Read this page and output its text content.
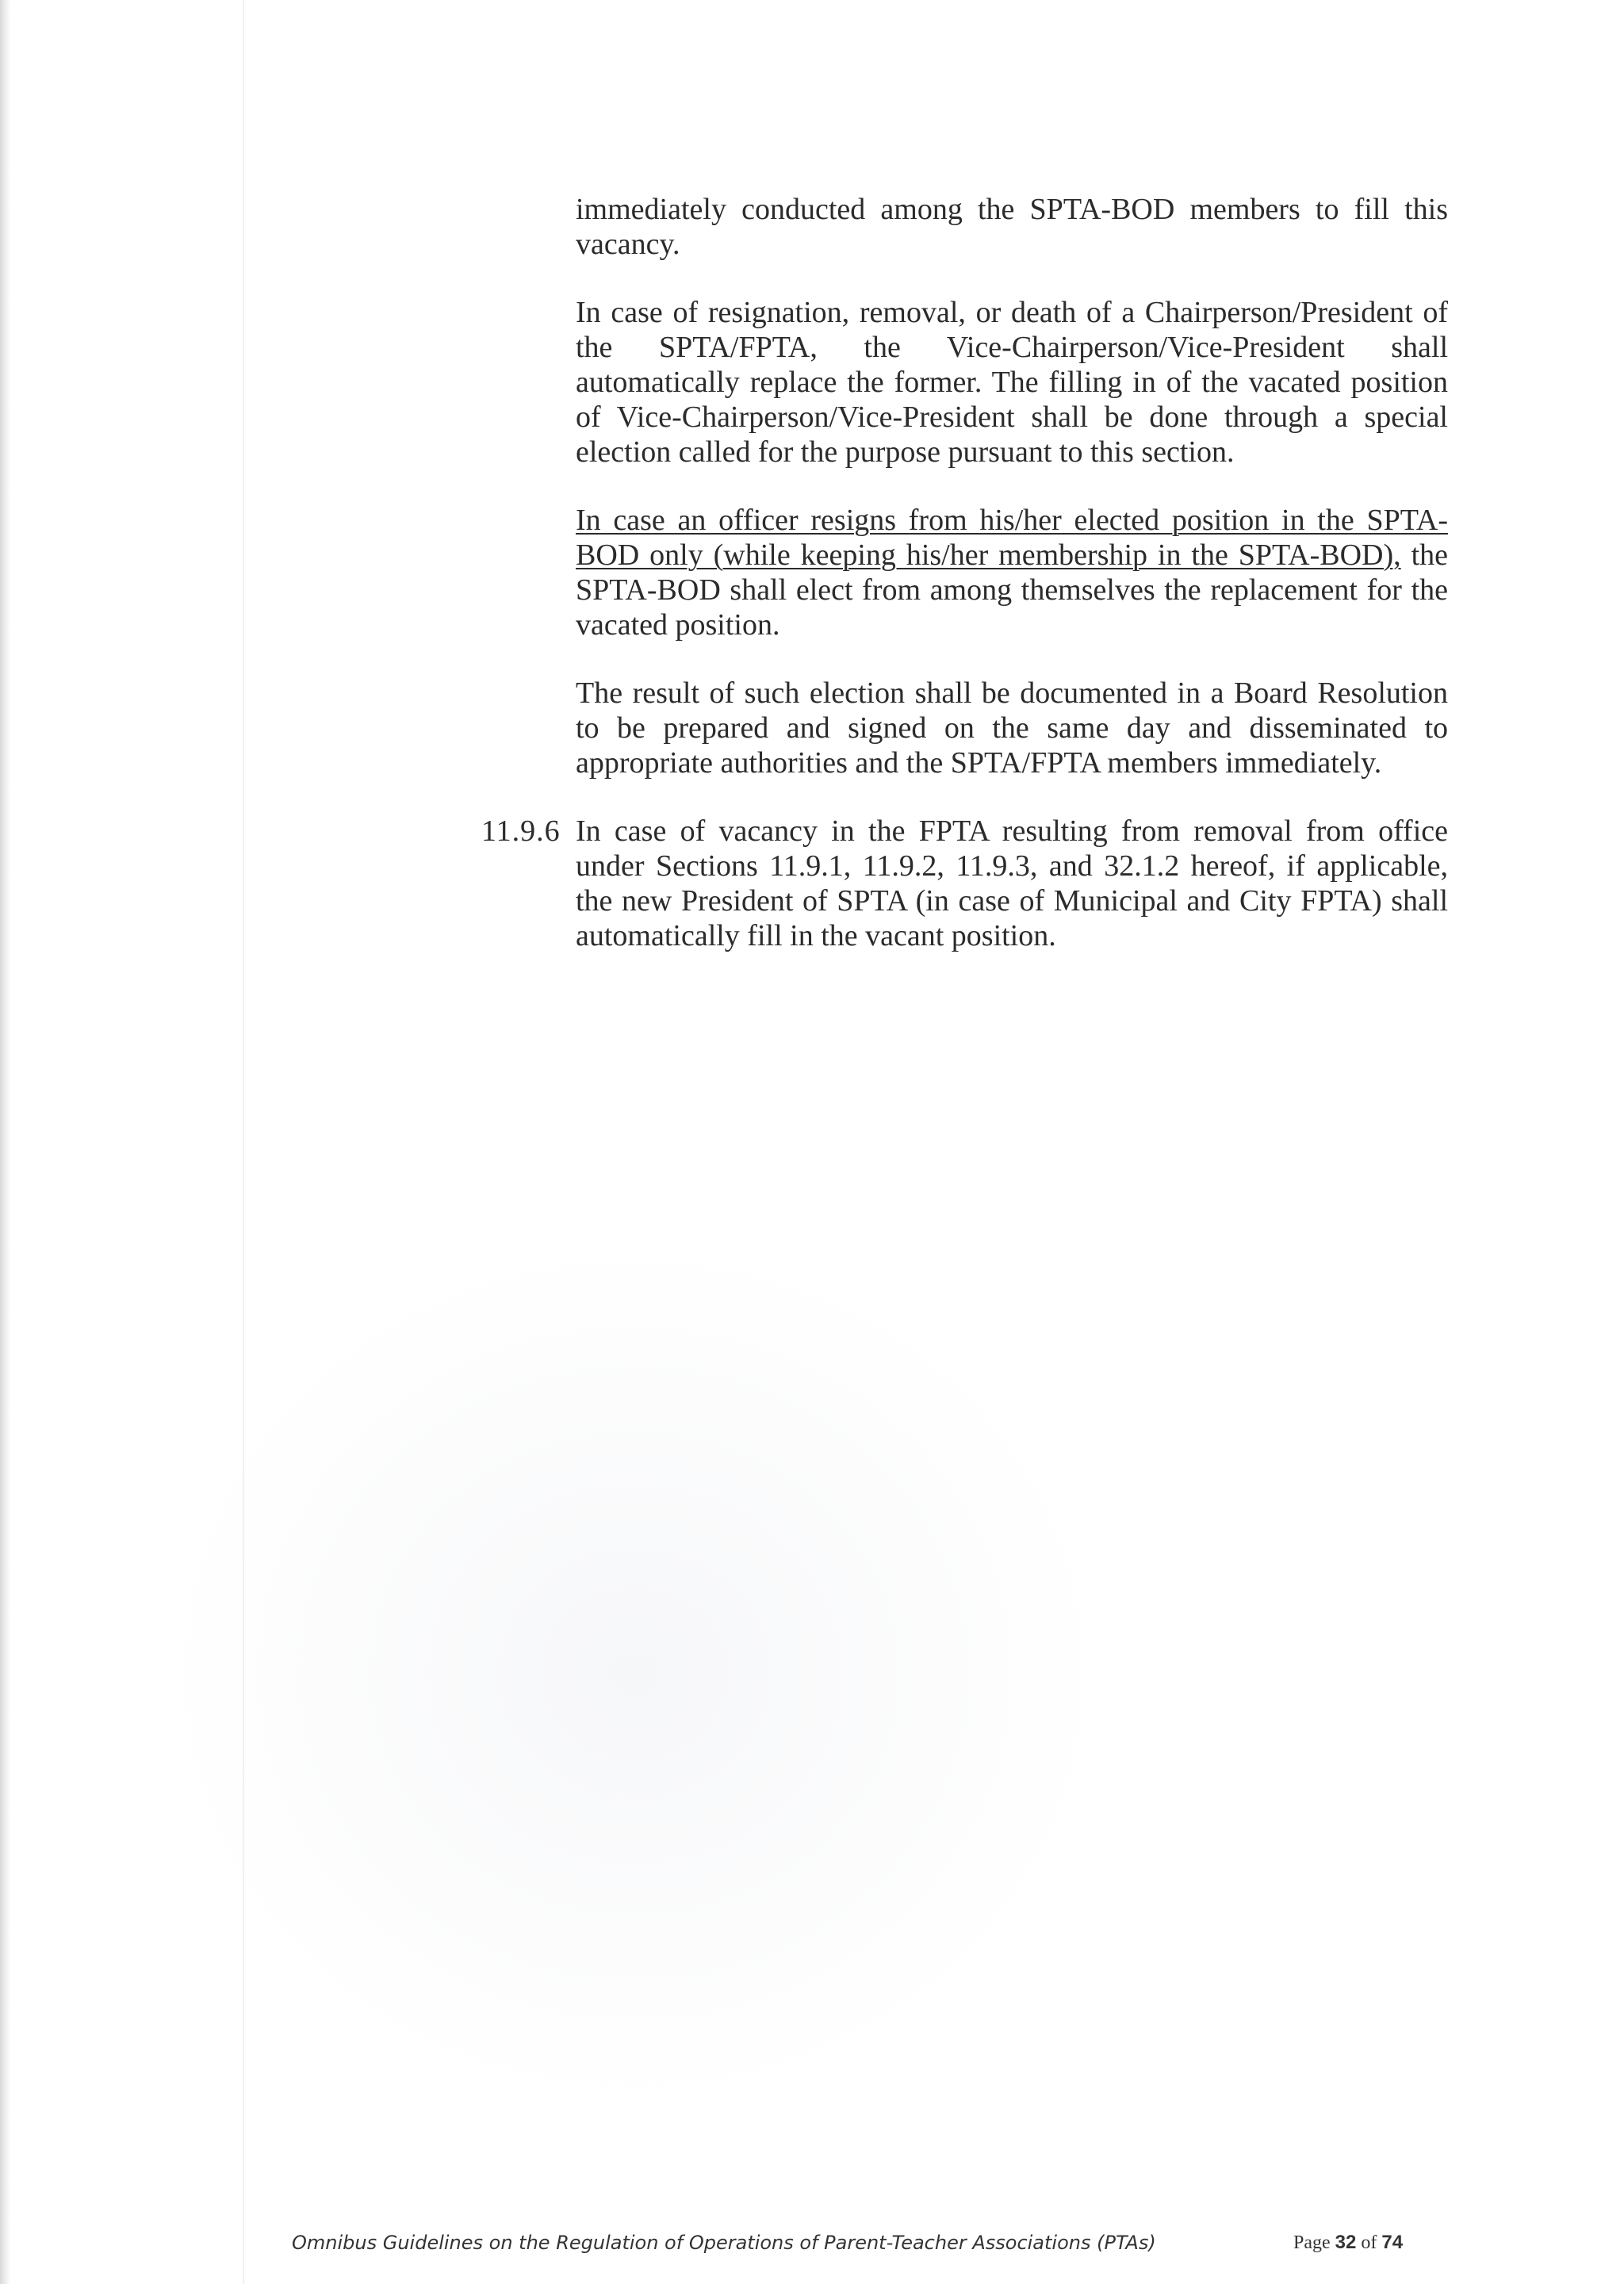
immediately conducted among the SPTA-BOD members to fill this vacancy.

In case of resignation, removal, or death of a Chairperson/President of the SPTA/FPTA, the Vice-Chairperson/Vice-President shall automatically replace the former. The filling in of the vacated position of Vice-Chairperson/Vice-President shall be done through a special election called for the purpose pursuant to this section.

In case an officer resigns from his/her elected position in the SPTA-BOD only (while keeping his/her membership in the SPTA-BOD), the SPTA-BOD shall elect from among themselves the replacement for the vacated position.

The result of such election shall be documented in a Board Resolution to be prepared and signed on the same day and disseminated to appropriate authorities and the SPTA/FPTA members immediately.

11.9.6 In case of vacancy in the FPTA resulting from removal from office under Sections 11.9.1, 11.9.2, 11.9.3, and 32.1.2 hereof, if applicable, the new President of SPTA (in case of Municipal and City FPTA) shall automatically fill in the vacant position.

Omnibus Guidelines on the Regulation of Operations of Parent-Teacher Associations (PTAs)	Page 32 of 74
